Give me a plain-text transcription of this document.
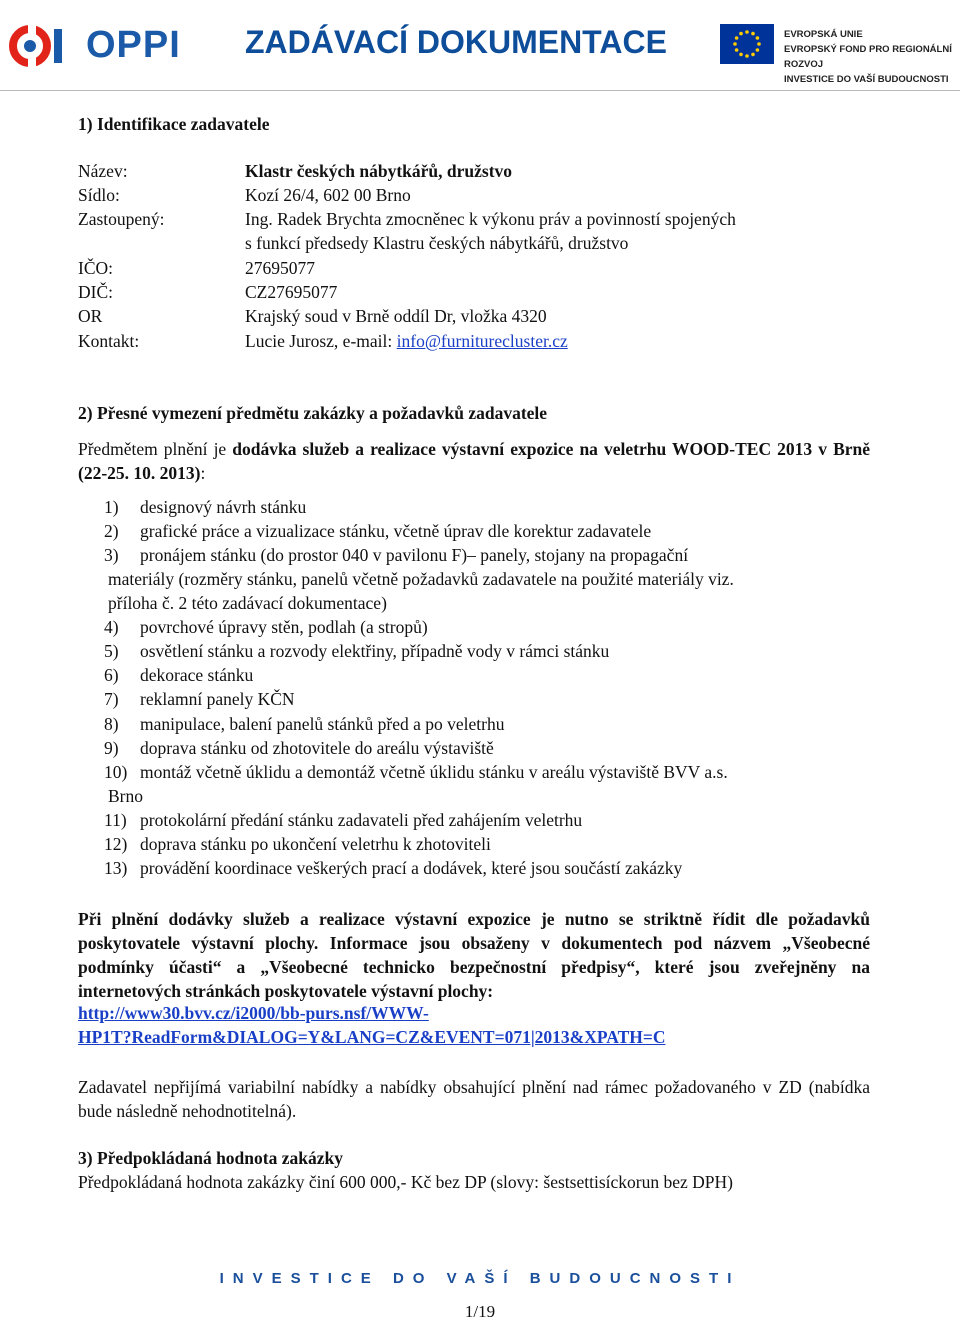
OPPI ZADÁVACÍ DOKUMENTACE	EVROPSKÁ UNIE
EVROPSKÝ FOND PRO REGIONÁLNÍ ROZVOJ
INVESTICE DO VAŠÍ BUDOUCNOSTI
1) Identifikace zadavatele
Název:	Klastr českých nábytkářů, družstvo
Sídlo:	Kozí 26/4, 602 00 Brno
Zastoupený:	Ing. Radek Brychta zmocněnec k výkonu práv a povinností spojených
s funkcí předsedy Klastru českých nábytkářů, družstvo
IČO:	27695077
DIČ:	CZ27695077
OR	Krajský soud v Brně oddíl Dr, vložka 4320
Kontakt:	Lucie Jurosz, e-mail: info@furniturecluster.cz
2) Přesné vymezení předmětu zakázky a požadavků zadavatele
Předmětem plnění je dodávka služeb a realizace výstavní expozice na veletrhu WOOD-TEC 2013 v Brně (22-25. 10. 2013):
1) designový návrh stánku
2) grafické práce a vizualizace stánku, včetně úprav dle korektur zadavatele
3) pronájem stánku (do prostor 040 v pavilonu F)– panely, stojany na propagační
materiály (rozměry stánku, panelů včetně požadavků zadavatele na použité materiály viz.
příloha č. 2 této zadávací dokumentace)
4) povrchové úpravy stěn, podlah (a stropů)
5) osvětlení stánku a rozvody elektřiny, případně vody v rámci stánku
6) dekorace stánku
7) reklamní panely KČN
8) manipulace, balení panelů stánků před a po veletrhu
9) doprava stánku od zhotovitele do areálu výstaviště
10) montáž včetně úklidu a demontáž včetně úklidu stánku v areálu výstaviště BVV a.s.
Brno
11) protokolární předání stánku zadavateli před zahájením veletrhu
12) doprava stánku po ukončení veletrhu k zhotoviteli
13) provádění koordinace veškerých prací a dodávek, které jsou součástí zakázky
Při plnění dodávky služeb a realizace výstavní expozice je nutno se striktně řídit dle požadavků poskytovatele výstavní plochy. Informace jsou obsaženy v dokumentech pod názvem „Všeobecné podmínky účasti“ a „Všeobecné technicko bezpečnostní předpisy“, které jsou zveřejněny na internetových stránkách poskytovatele výstavní plochy:
http://www30.bvv.cz/i2000/bb-purs.nsf/WWW-
HP1T?ReadForm&DIALOG=Y&LANG=CZ&EVENT=071|2013&XPATH=C
Zadavatel nepřijímá variabilní nabídky a nabídky obsahující plnění nad rámec požadovaného v ZD (nabídka bude následně nehodnotitelná).
3) Předpokládaná hodnota zakázky
Předpokládaná hodnota zakázky činí 600 000,- Kč bez DP (slovy: šestsettisíckorun bez DPH)
INVESTICE DO VAŠÍ BUDOUCNOSTI
1/19
